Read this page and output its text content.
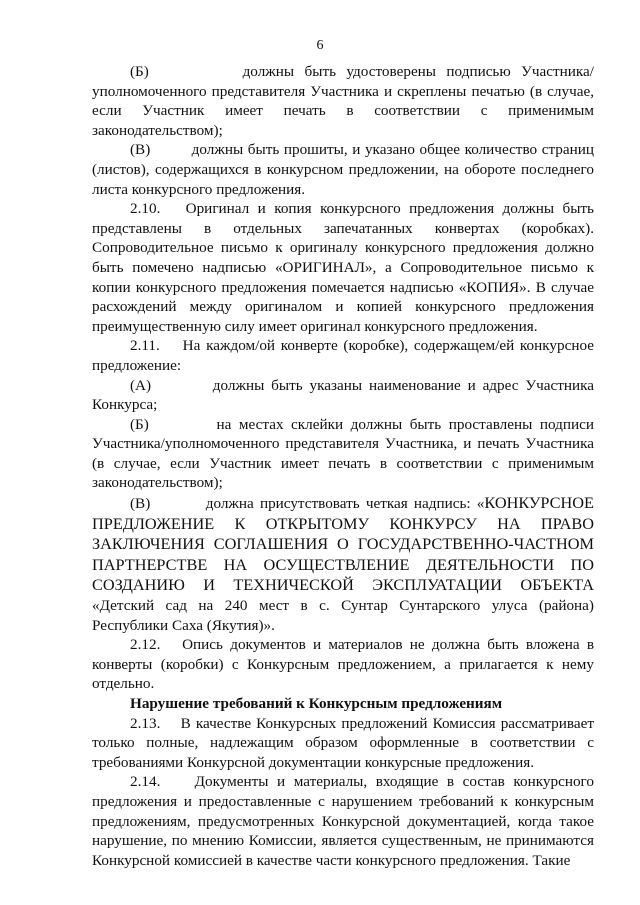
6

(Б)         должны быть удостоверены подписью Участника/уполномоченного представителя Участника и скреплены печатью (в случае, если Участник имеет печать в соответствии с применимым законодательством);

(В)         должны быть прошиты, и указано общее количество страниц (листов), содержащихся в конкурсном предложении, на обороте последнего листа конкурсного предложения.

2.10.   Оригинал и копия конкурсного предложения должны быть представлены в отдельных запечатанных конвертах (коробках). Сопроводительное письмо к оригиналу конкурсного предложения должно быть помечено надписью «ОРИГИНАЛ», а Сопроводительное письмо к копии конкурсного предложения помечается надписью «КОПИЯ». В случае расхождений между оригиналом и копией конкурсного предложения преимущественную силу имеет оригинал конкурсного предложения.

2.11.    На каждом/ой конверте (коробке), содержащем/ей конкурсное предложение:

(А)         должны быть указаны наименование и адрес Участника Конкурса;

(Б)         на местах склейки должны быть проставлены подписи Участника/уполномоченного представителя Участника, и печать Участника (в случае, если Участник имеет печать в соответствии с применимым законодательством);

(В)         должна присутствовать четкая надпись: «КОНКУРСНОЕ ПРЕДЛОЖЕНИЕ К ОТКРЫТОМУ КОНКУРСУ НА ПРАВО ЗАКЛЮЧЕНИЯ СОГЛАШЕНИЯ О ГОСУДАРСТВЕННО-ЧАСТНОМ ПАРТНЕРСТВЕ НА ОСУЩЕСТВЛЕНИЕ ДЕЯТЕЛЬНОСТИ ПО СОЗДАНИЮ И ТЕХНИЧЕСКОЙ ЭКСПЛУАТАЦИИ ОБЪЕКТА «Детский сад на 240 мест в с. Сунтар Сунтарского улуса (района) Республики Саха (Якутия)».

2.12.   Опись документов и материалов не должна быть вложена в конверты (коробки) с Конкурсным предложением, а прилагается к нему отдельно.

Нарушение требований к Конкурсным предложениям

2.13.    В качестве Конкурсных предложений Комиссия рассматривает только полные, надлежащим образом оформленные в соответствии с требованиями Конкурсной документации конкурсные предложения.

2.14.    Документы и материалы, входящие в состав конкурсного предложения и предоставленные с нарушением требований к конкурсным предложениям, предусмотренных Конкурсной документацией, когда такое нарушение, по мнению Комиссии, является существенным, не принимаются Конкурсной комиссией в качестве части конкурсного предложения. Такие
